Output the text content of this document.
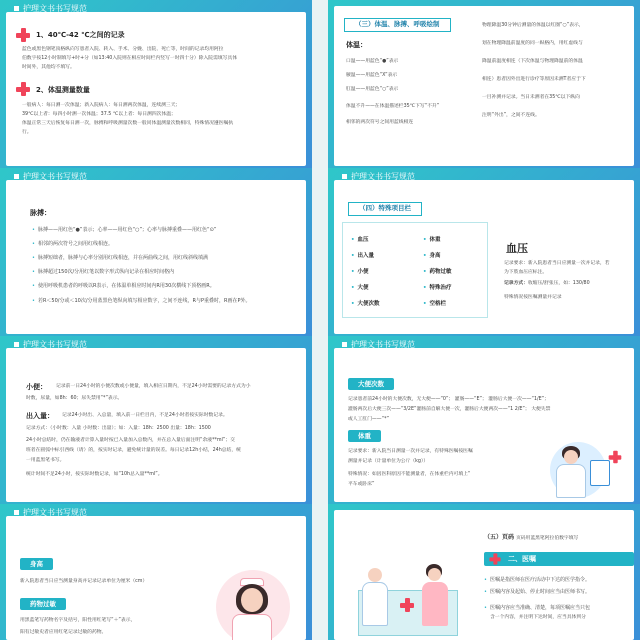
护理文书书写规范
1、40℃-42 ℃之间的记录
蓝色或黑色钢笔顶格纵向写患者入院、转入、手术、分娩、出院、死亡等，时间的记录均用阿拉
伯数字按12小时制填写+时+分（如13:40入院则在相应时间栏内竖写一时四十分）除入院需填写具体
时间外，其他均不填写。
2、体温测量数量
一般病人：每日测一次体温；新入院病人：每日测两次体温，连续测三天；
39℃以上者：每四小时测一次体温；37.5 ℃以上者：每日测四次体温；
体温正常三天后恢复每日测一次，脉搏和呼吸测量次数一般同体温测量次数相同，特殊情况遵医嘱执
行。
（三）体温、脉搏、呼吸绘制
体温：
口温——用蓝色“●”表示
腋温——用蓝色“X”表示
肛温——用蓝色“○”表示
体温不升——在体温描述栏35℃下写“不升”
相邻的两次符号之间用蓝线相连
物理降温30分钟后测量的体温以红圈“○”表示，
划在物理降温前温度的同一纵格内，用红虚线与
降温前温度相连（下次体温与物理降温前的体温
相连）患者因外出进行诊疗等原因未测T者应于下
一目补测并记录。当日未测者在35℃以下纵向
注明“外出”，之间不连线。
护理文书书写规范
脉搏：
• 脉搏——用红色“●”表示；心率——用红色“○”；心率与脉搏重叠——用红色“⊙”
• 相邻的两次符号之间用红线相连。
• 脉搏短绌者，脉搏与心率分别用红线相连，并在两曲线之间，用红线斜线填满
• 脉搏超过150次/分用红笔以数字形式纵向记录在相应时间格内
• 使用呼吸机患者的呼吸以R表示，在体温单相应时间内R用30次横线下顶格画R。
• 若R＜50/分或＜10次/分用蓝黑色笔纵向填写相应数字，之间不连线，R与P重叠时，R画在P外。
护理文书书写规范
（四）特殊项目栏
• 血压	• 体重
• 出入量	• 身高
• 小便	• 药物过敏
• 大便	• 特殊治疗
• 大便次数	• 空格栏
血压
记录要求：新入院患者当日应测量一次并记录，若
为下肢血压应标注。
记录方式：收缩压/舒张压，如：130/80
特殊情况按医嘱测量并记录
护理文书书写规范
小便： 记录前一日24小时的小便次数或小便量，填入相应日期内，不足24小时需要的记录方式为小
时数，尿量，如8h：60；尿失禁用“*”表示。
出入量： 记录24小时出、入总量，填入前一日栏目内，不足24小时者按实际时数记录。
记录方式：（小时数：入量 小时数：出量）；如：入量：18h：2500 出量：18h：1500
24小时总结时，仍在输液者计算入量时按已入量加入总数内，并在总入量后面注明“余液**ml”；交
班者在圆弧中标引西线（请）的，按实时记录，避免统计量的误差。每日记录12h小结，24h总结，统
一用蓝黑笔书写。
统计时间不足24小时，按实际时数记录，如“10h总入量**ml”。
护理文书书写规范
大便次数
记录患者前24小时的大便次数，无大便——“0”； 灌肠——“E”； 灌肠后大便一次——“1/E”；
灌肠两次后大便三次——“3/2E”灌肠前自解大便一次，灌肠后大便两次——“1 2/E”； 大便失禁
或人工肛门——“*”
体重
记录要求：新入院当日测量一次并记录，有特殊医嘱按医嘱
测量并记录（计量单位为公斤（kg））
特殊情况：如因医科原因不能测量者，在体重栏内可填上“
平车或卧床”
护理文书书写规范
身高
新入院患者当日应当测量身高并记录记录单位为厘米（cm）
药物过敏
用黑蓝笔写药物名字及括号，阳性用红笔写“＋”表示，
阳有过敏史者应用红笔记录过敏的药物。
（五）页码 页码用蓝黑笔阿拉伯数字填写
二、医嘱
• 医嘱是指医师在医疗活动中下达的医学指令。
• 医嘱内容及起始、停止时间应当由医师书写。
• 医嘱内容应当准确、清楚，每项医嘱应当只包
含一个内容，并注明下达时间，应当具体到分
